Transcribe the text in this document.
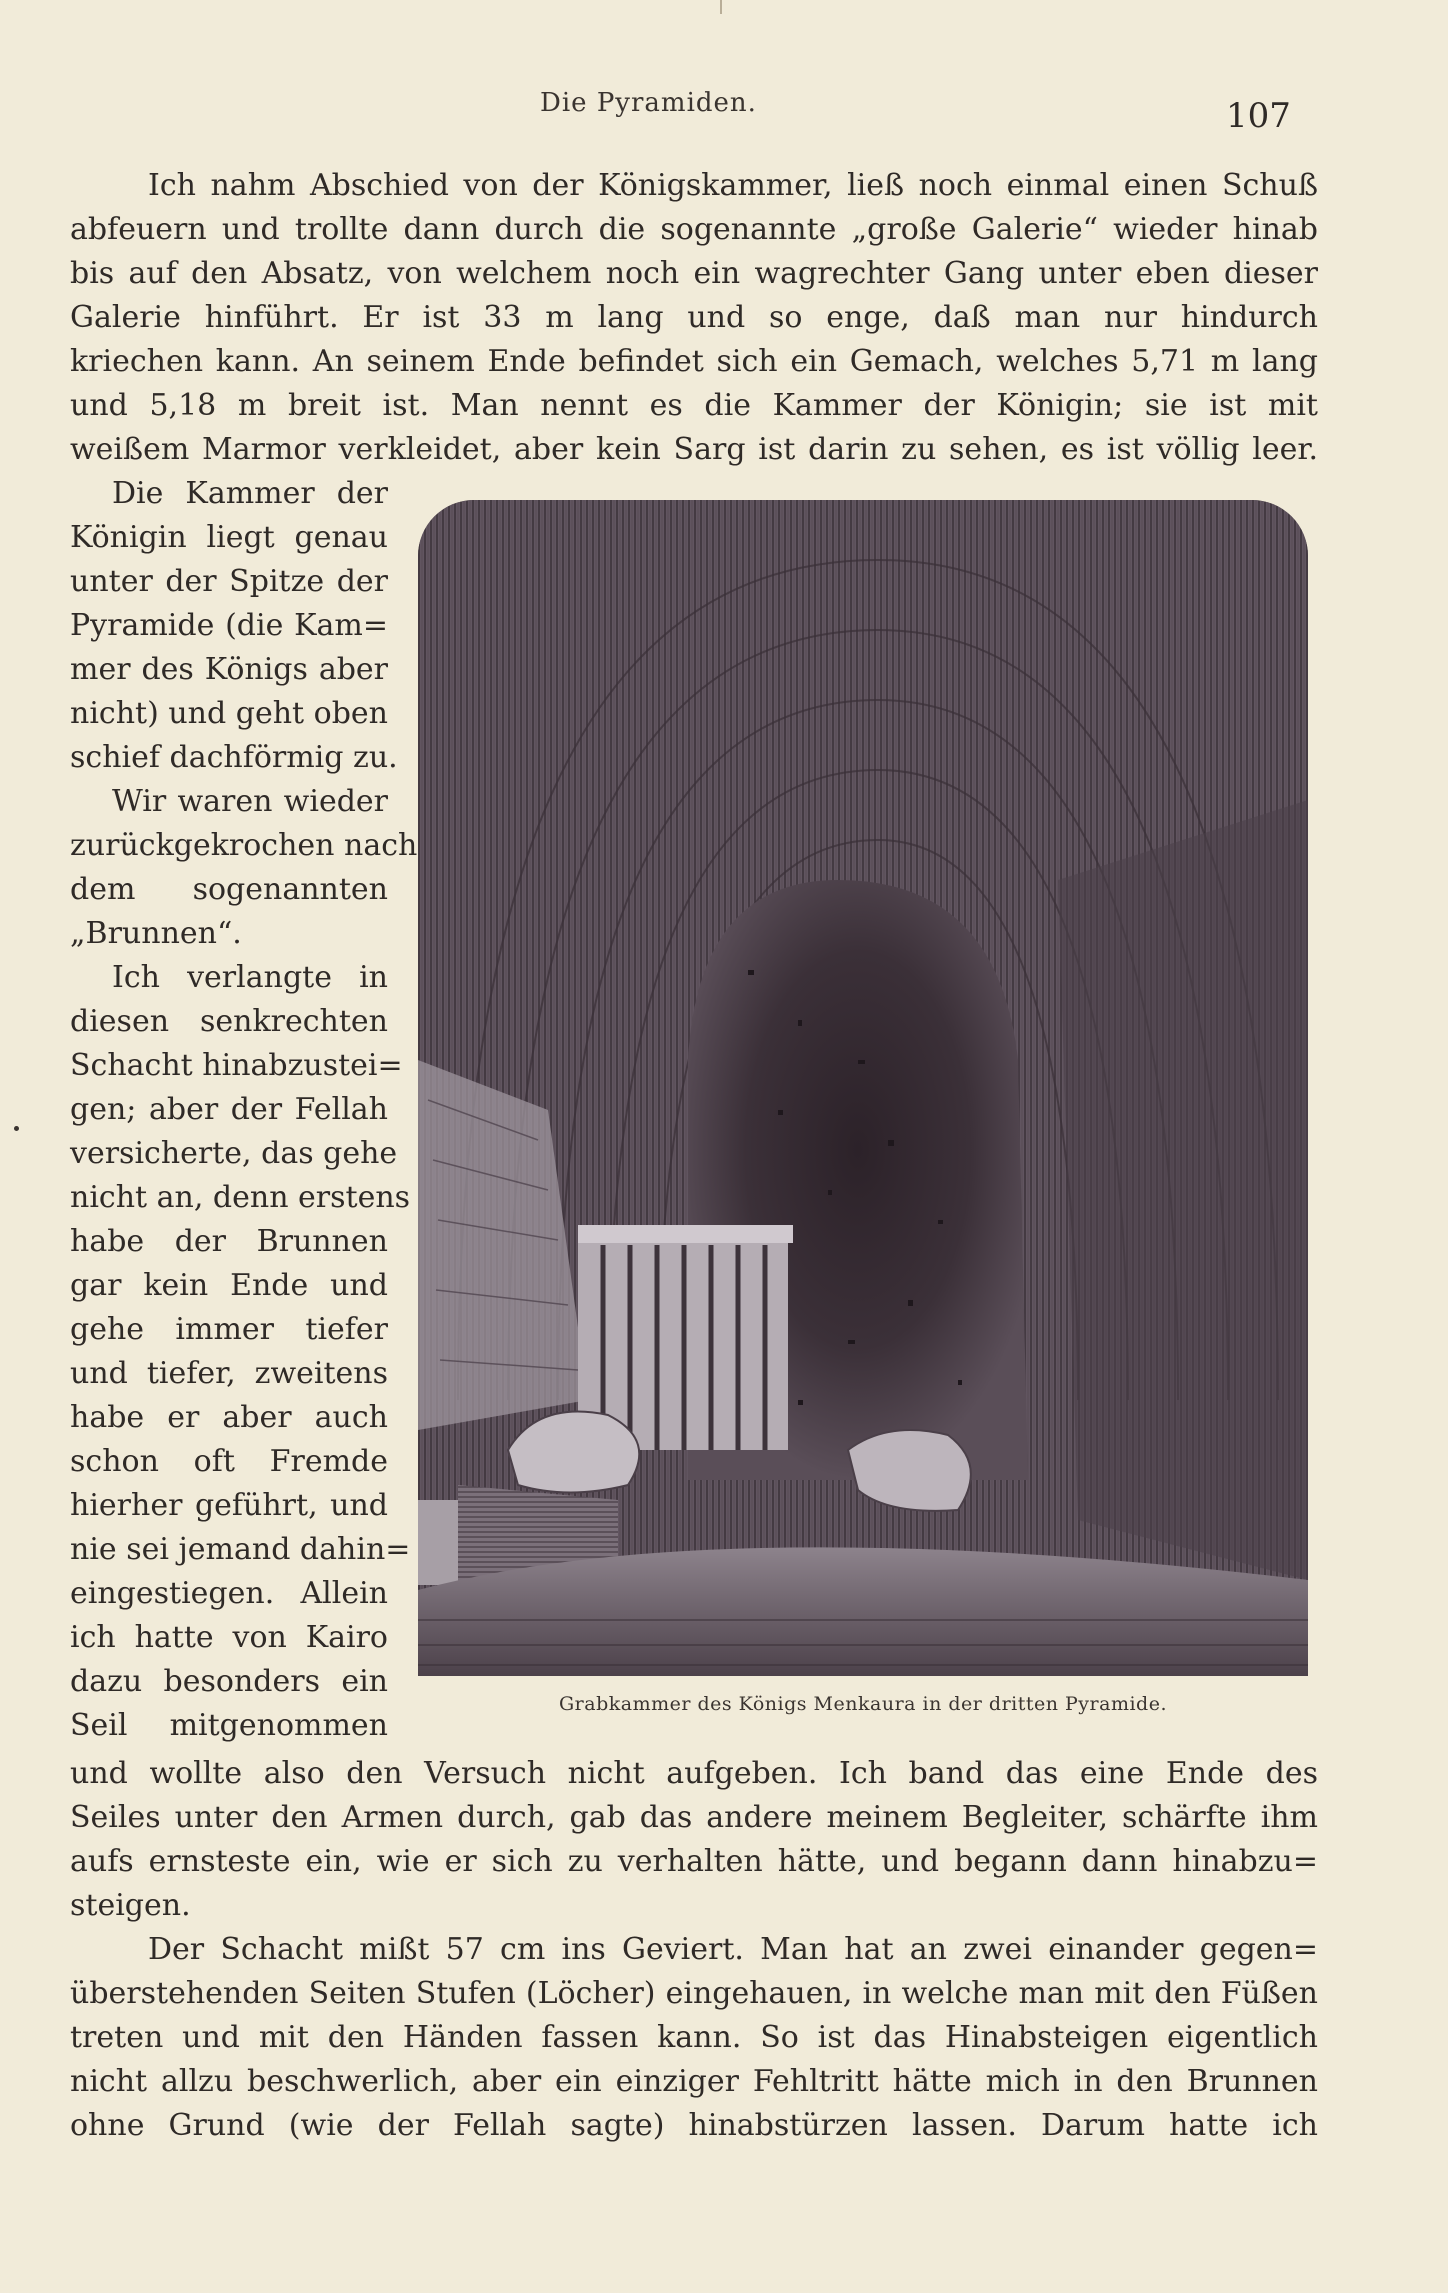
Die Pyramiden.	107
Ich nahm Abschied von der Königskammer, ließ noch einmal einen Schuß
abfeuern und trollte dann durch die sogenannte „große Galerie“ wieder hinab
bis auf den Absatz, von welchem noch ein wagrechter Gang unter eben dieser
Galerie hinführt. Er ist 33 m lang und so enge, daß man nur hindurch
kriechen kann. An seinem Ende befindet sich ein Gemach, welches 5,71 m lang
und 5,18 m breit ist. Man nennt es die Kammer der Königin; sie ist mit
weißem Marmor verkleidet, aber kein Sarg ist darin zu sehen, es ist völlig leer.
Die Kammer der
Königin liegt genau
unter der Spitze der
Pyramide (die Kam=
mer des Königs aber
nicht) und geht oben
schief dachförmig zu.
Wir waren wieder
zurückgekrochen nach
dem sogenannten
„Brunnen“.
Ich verlangte in
diesen senkrechten
Schacht hinabzustei=
gen; aber der Fellah
versicherte, das gehe
nicht an, denn erstens
habe der Brunnen
gar kein Ende und
gehe immer tiefer
und tiefer, zweitens
habe er aber auch
schon oft Fremde
hierher geführt, und
nie sei jemand dahin=
eingestiegen. Allein
ich hatte von Kairo
dazu besonders ein
Seil mitgenommen
und wollte also den Versuch nicht aufgeben. Ich band das eine Ende des
Seiles unter den Armen durch, gab das andere meinem Begleiter, schärfte ihm
aufs ernsteste ein, wie er sich zu verhalten hätte, und begann dann hinabzu=
steigen.
Der Schacht mißt 57 cm ins Geviert. Man hat an zwei einander gegen=
überstehenden Seiten Stufen (Löcher) eingehauen, in welche man mit den Füßen
treten und mit den Händen fassen kann. So ist das Hinabsteigen eigentlich
nicht allzu beschwerlich, aber ein einziger Fehltritt hätte mich in den Brunnen
ohne Grund (wie der Fellah sagte) hinabstürzen lassen. Darum hatte ich
Grabkammer des Königs Menkaura in der dritten Pyramide.
